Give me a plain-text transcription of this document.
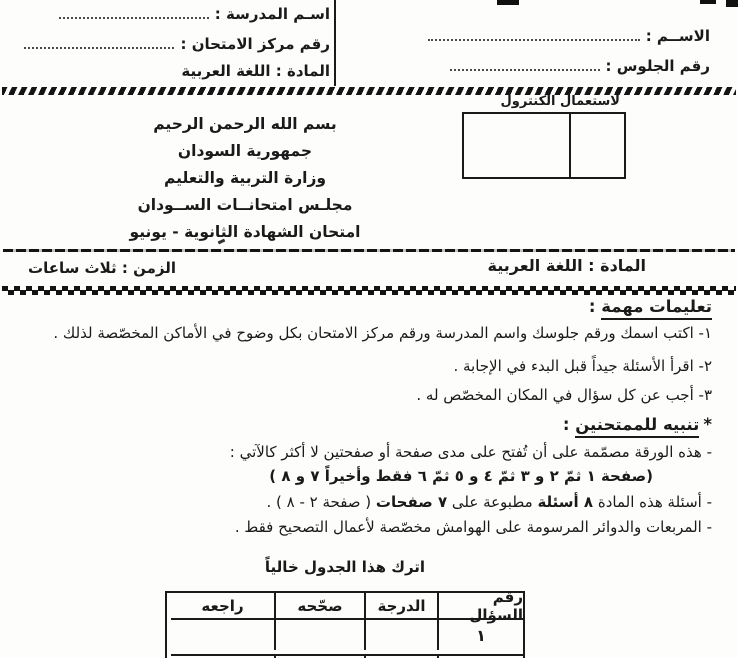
الاســم :
رقم الجلوس :
اسـم المدرسة :
رقم مركز الامتحان :
المادة : اللغة العربية
لاستعمال الكنترول
بسم الله الرحمن الرحيم
جمهورية السودان
وزارة التربية والتعليم
مجلـس امتحانــات الســودان
امتحان الشهادة الثانوية - يونيو
المادة : اللغة العربية
الزمن : ثلاث ساعات
تعليمات مهمة :
١- اكتب اسمك ورقم جلوسك واسم المدرسة ورقم مركز الامتحان بكل وضوح في الأماكن المخصّصة لذلك .
٢- اقرأ الأسئلة جيداً قبل البدء في الإجابة .
٣- أجب عن كل سؤال في المكان المخصّص له .
*تنبيه للممتحنين :
- هذه الورقة مصمّمة على أن تُفتح على مدى صفحة أو صفحتين لا أكثر كالآتي :
(صفحة ١ ثمّ ٢ و ٣ ثمّ ٤ و ٥ ثمّ ٦ فقط وأخيراً ٧ و ٨ )
- أسئلة هذه المادة ٨ أسئلة مطبوعة على ٧ صفحات ( صفحة ٢ - ٨ ) .
- المربعات والدوائر المرسومة على الهوامش مخصّصة لأعمال التصحيح فقط .
اترك هذا الجدول خالياً
رقم السؤال
الدرجة
صحّحه
راجعه
١
